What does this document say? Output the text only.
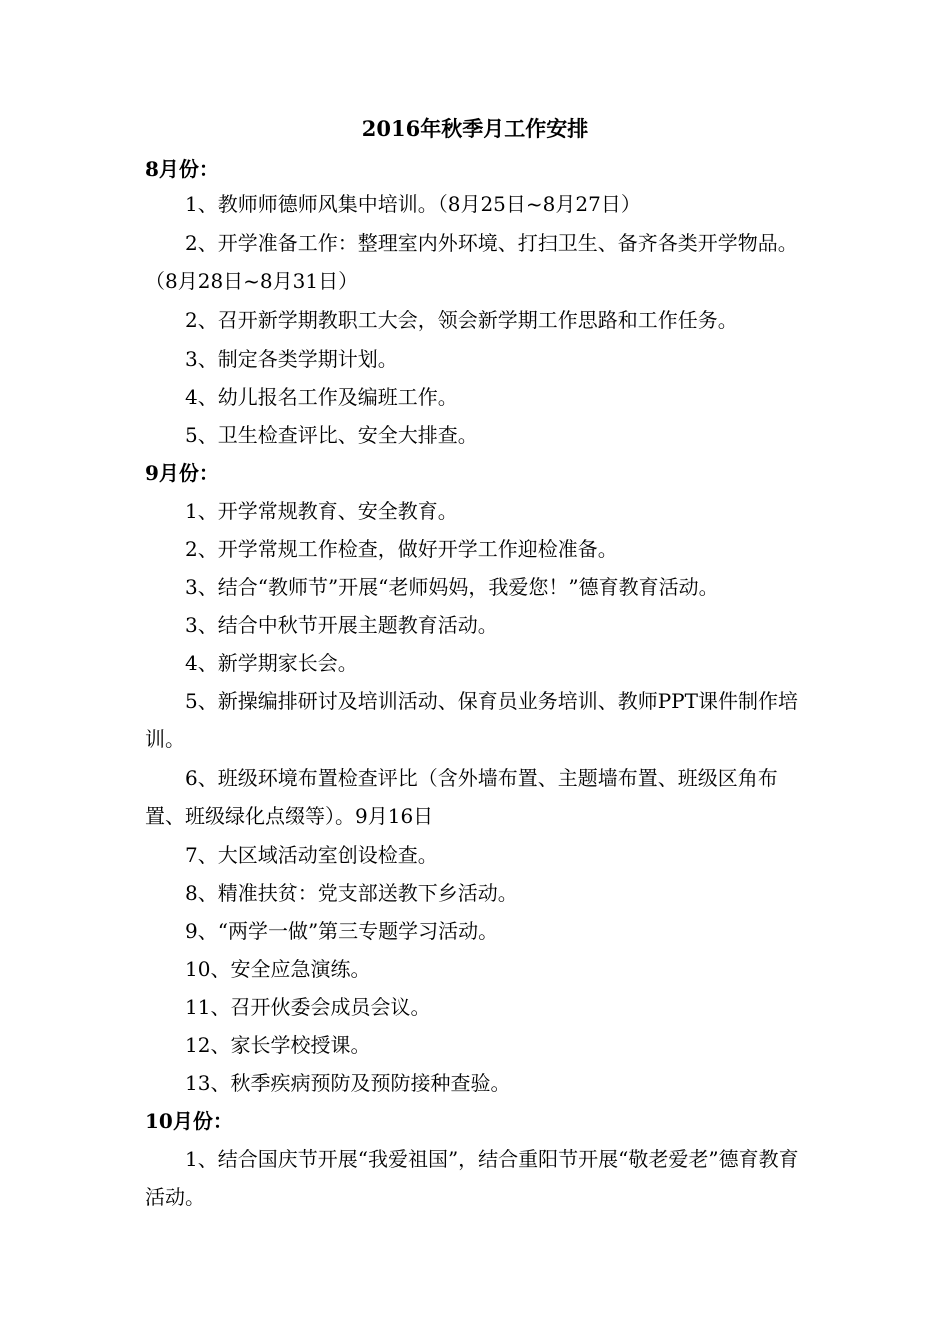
2016年秋季月工作安排
8月份：
1、教师师德师风集中培训。（8月25日~8月27日）
2、开学准备工作：整理室内外环境、打扫卫生、备齐各类开学物品。（8月28日~8月31日）
2、召开新学期教职工大会，领会新学期工作思路和工作任务。
3、制定各类学期计划。
4、幼儿报名工作及编班工作。
5、卫生检查评比、安全大排查。
9月份：
1、开学常规教育、安全教育。
2、开学常规工作检查，做好开学工作迎检准备。
3、结合“教师节”开展“老师妈妈，我爱您！”德育教育活动。
3、结合中秋节开展主题教育活动。
4、新学期家长会。
5、新操编排研讨及培训活动、保育员业务培训、教师PPT课件制作培训。
6、班级环境布置检查评比（含外墙布置、主题墙布置、班级区角布置、班级绿化点缀等）。9月16日
7、大区域活动室创设检查。
8、精准扶贫：党支部送教下乡活动。
9、“两学一做”第三专题学习活动。
10、安全应急演练。
11、召开伙委会成员会议。
12、家长学校授课。
13、秋季疾病预防及预防接种查验。
10月份：
1、结合国庆节开展“我爱祖国”，结合重阳节开展“敬老爱老”德育教育活动。
